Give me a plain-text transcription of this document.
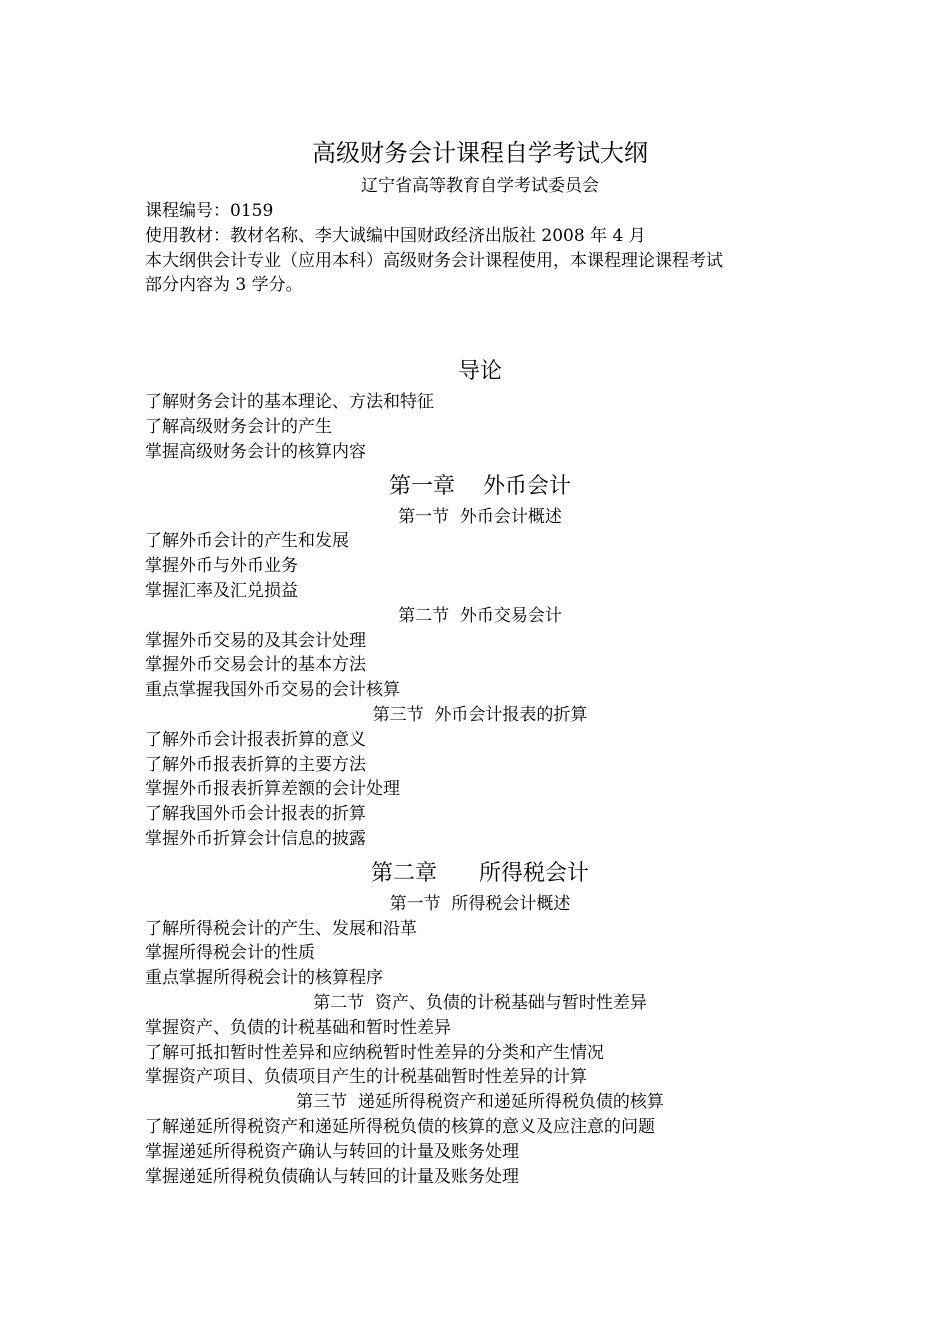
高级财务会计课程自学考试大纲

辽宁省高等教育自学考试委员会

课程编号：0159

使用教材：教材名称、李大诚编中国财政经济出版社 2008 年 4 月

本大纲供会计专业（应用本科）高级财务会计课程使用，本课程理论课程考试

部分内容为 3 学分。

导论

了解财务会计的基本理论、方法和特征

了解高级财务会计的产生

掌握高级财务会计的核算内容

第一章    外币会计

第一节  外币会计概述

了解外币会计的产生和发展

掌握外币与外币业务

掌握汇率及汇兑损益

第二节  外币交易会计

掌握外币交易的及其会计处理

掌握外币交易会计的基本方法

重点掌握我国外币交易的会计核算

第三节  外币会计报表的折算

了解外币会计报表折算的意义

了解外币报表折算的主要方法

掌握外币报表折算差额的会计处理

了解我国外币会计报表的折算

掌握外币折算会计信息的披露

第二章      所得税会计

第一节  所得税会计概述

了解所得税会计的产生、发展和沿革

掌握所得税会计的性质

重点掌握所得税会计的核算程序

第二节  资产、负债的计税基础与暂时性差异

掌握资产、负债的计税基础和暂时性差异

了解可抵扣暂时性差异和应纳税暂时性差异的分类和产生情况

掌握资产项目、负债项目产生的计税基础暂时性差异的计算

第三节  递延所得税资产和递延所得税负债的核算

了解递延所得税资产和递延所得税负债的核算的意义及应注意的问题

掌握递延所得税资产确认与转回的计量及账务处理

掌握递延所得税负债确认与转回的计量及账务处理
